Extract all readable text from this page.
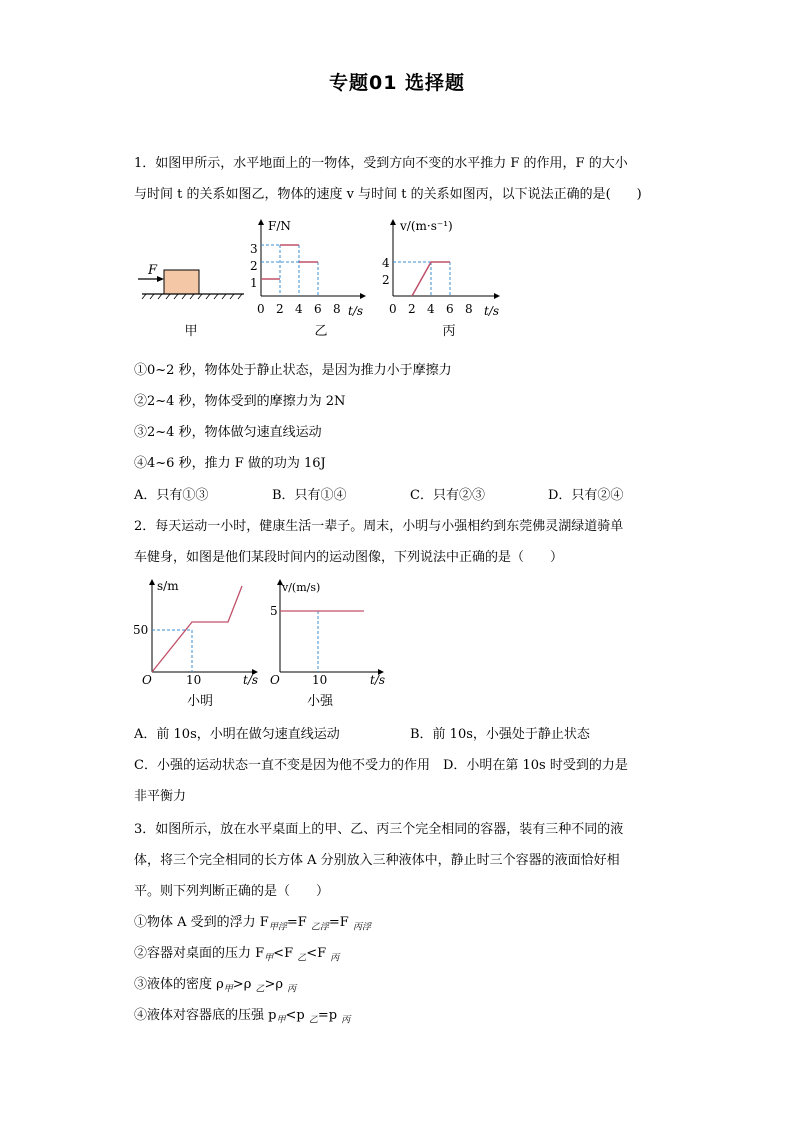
专题01 选择题
1．如图甲所示，水平地面上的一物体，受到方向不变的水平推力 F 的作用，F 的大小
与时间 t 的关系如图乙，物体的速度 v 与时间 t 的关系如图丙，以下说法正确的是(　　)
F
甲
F/N
t/s
3
2
1
0 2 4 6 8
乙
v/(m·s⁻¹)
t/s
4
2
0 2 4 6 8
丙
①0~2 秒，物体处于静止状态，是因为推力小于摩擦力
②2~4 秒，物体受到的摩擦力为 2N
③2~4 秒，物体做匀速直线运动
④4~6 秒，推力 F 做的功为 16J
A．只有①③	B．只有①④	C．只有②③	D．只有②④
2．每天运动一小时，健康生活一辈子。周末，小明与小强相约到东莞佛灵湖绿道骑单
车健身，如图是他们某段时间内的运动图像，下列说法中正确的是（　　）
s/m
t/s
O
50
10
小明
v/(m/s)
t/s
O
5
10
小强
A．前 10s，小明在做匀速直线运动	B．前 10s，小强处于静止状态
C．小强的运动状态一直不变是因为他不受力的作用　D．小明在第 10s 时受到的力是
非平衡力
3．如图所示，放在水平桌面上的甲、乙、丙三个完全相同的容器，装有三种不同的液
体，将三个完全相同的长方体 A 分别放入三种液体中，静止时三个容器的液面恰好相
平。则下列判断正确的是（　　）
①物体 A 受到的浮力 $F_{甲浮}=F$ $_{乙浮}$=F $_{丙浮}$
②容器对桌面的压力 $F_甲<F$ $_乙$<F $_丙$
③液体的密度 $\rho_甲>\rho$ $_乙$>ρ $_丙$
④液体对容器底的压强 $p_甲<p$ $_乙$=p $_丙$
